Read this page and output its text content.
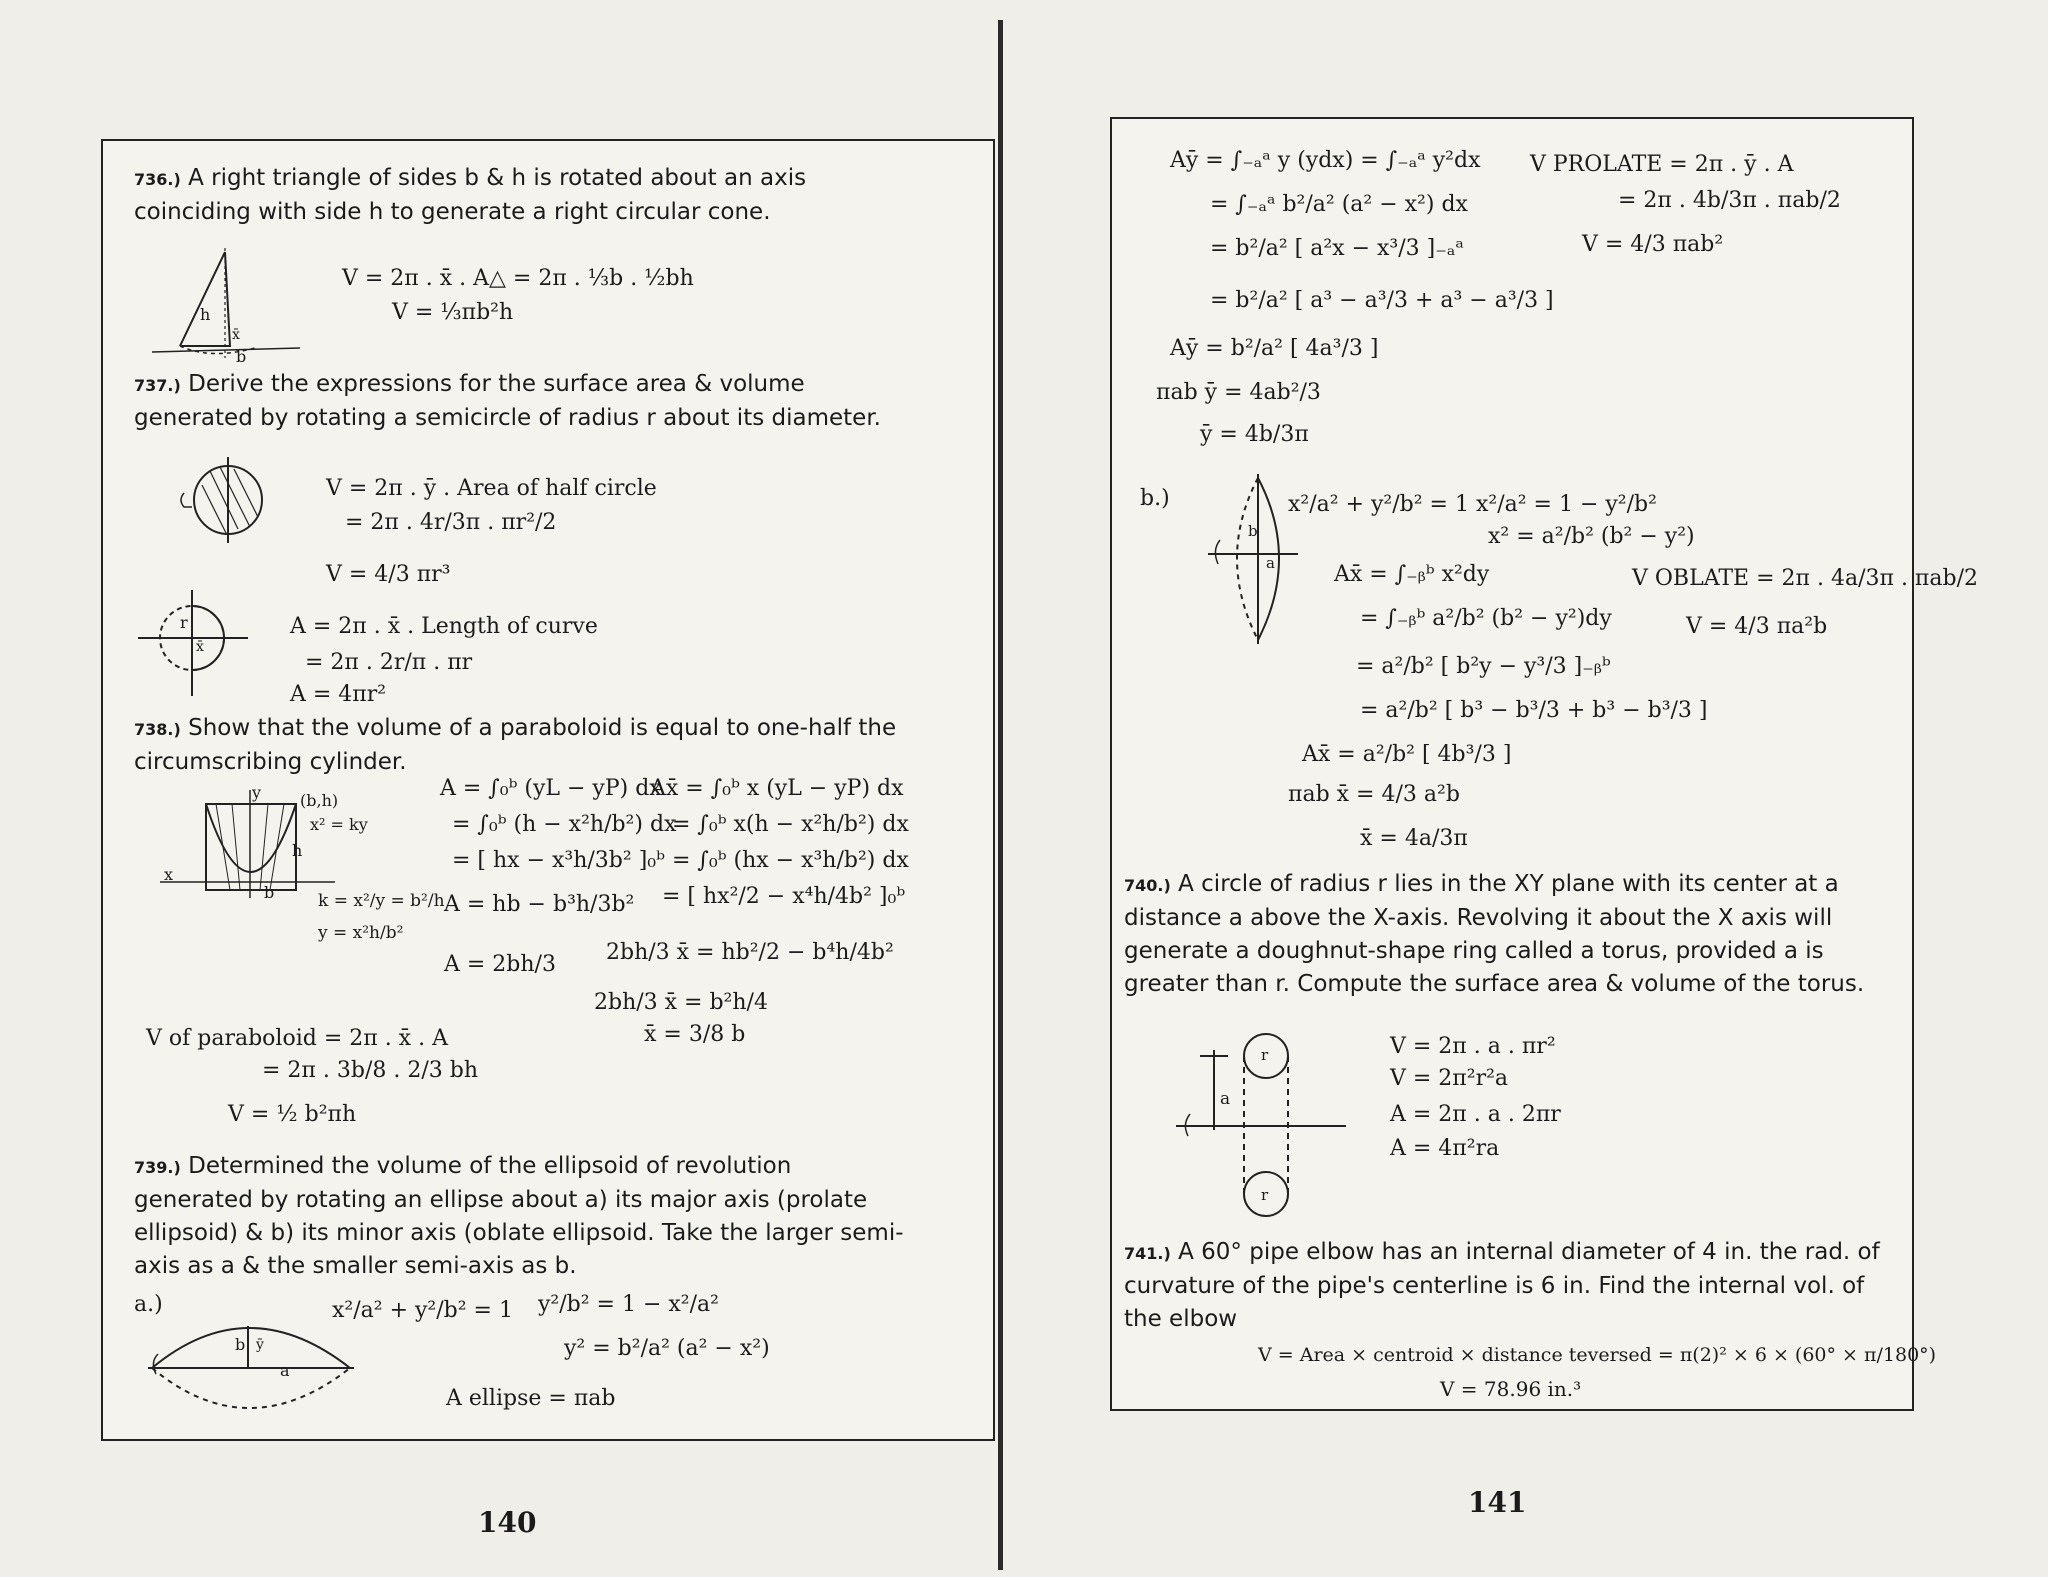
736.) A right triangle of sides b & h is rotated about an axis coinciding with side h to generate a right circular cone.
h
x̄
b
V = 2π . x̄ . A△ = 2π . ⅓b . ½bh
V = ⅓πb²h
737.) Derive the expressions for the surface area & volume generated by rotating a semicircle of radius r about its diameter.
V = 2π . ȳ . Area of half circle
= 2π . 4r/3π . πr²/2
V = 4/3 πr³
r
x̄
A = 2π . x̄ . Length of curve
= 2π . 2r/π . πr
A = 4πr²
738.) Show that the volume of a paraboloid is equal to one-half the circumscribing cylinder.
(b,h)
x² = ky
h
b
x
y
k = x²/y = b²/h
y = x²h/b²
A = ∫₀ᵇ (yL − yP) dx
= ∫₀ᵇ (h − x²h/b²) dx
= [ hx − x³h/3b² ]₀ᵇ
A = hb − b³h/3b²
A = 2bh/3
Ax̄ = ∫₀ᵇ x (yL − yP) dx
= ∫₀ᵇ x(h − x²h/b²) dx
= ∫₀ᵇ (hx − x³h/b²) dx
= [ hx²/2 − x⁴h/4b² ]₀ᵇ
2bh/3 x̄ = hb²/2 − b⁴h/4b²
2bh/3 x̄ = b²h/4
x̄ = 3/8 b
V of paraboloid = 2π . x̄ . A
= 2π . 3b/8 . 2/3 bh
V = ½ b²πh
739.) Determined the volume of the ellipsoid of revolution generated by rotating an ellipse about a) its major axis (prolate ellipsoid) & b) its minor axis (oblate ellipsoid. Take the larger semi-axis as a & the smaller semi-axis as b.
a.)
b ȳ
a
x²/a² + y²/b² = 1 y²/b² = 1 − x²/a²
y² = b²/a² (a² − x²)
A ellipse = πab
140
Aȳ = ∫₋ₐᵃ y (ydx) = ∫₋ₐᵃ y²dx
= ∫₋ₐᵃ b²/a² (a² − x²) dx
= b²/a² [ a²x − x³/3 ]₋ₐᵃ
= b²/a² [ a³ − a³/3 + a³ − a³/3 ]
Aȳ = b²/a² [ 4a³/3 ]
πab ȳ = 4ab²/3
ȳ = 4b/3π
V PROLATE = 2π . ȳ . A
= 2π . 4b/3π . πab/2
V = 4/3 πab²
b.)
b
a
x²/a² + y²/b² = 1 x²/a² = 1 − y²/b²
x² = a²/b² (b² − y²)
Ax̄ = ∫₋ᵦᵇ x²dy
= ∫₋ᵦᵇ a²/b² (b² − y²)dy
= a²/b² [ b²y − y³/3 ]₋ᵦᵇ
= a²/b² [ b³ − b³/3 + b³ − b³/3 ]
Ax̄ = a²/b² [ 4b³/3 ]
πab x̄ = 4/3 a²b
x̄ = 4a/3π
V OBLATE = 2π . 4a/3π . πab/2
V = 4/3 πa²b
740.) A circle of radius r lies in the XY plane with its center at a distance a above the X-axis. Revolving it about the X axis will generate a doughnut-shape ring called a torus, provided a is greater than r. Compute the surface area & volume of the torus.
r
a
r
V = 2π . a . πr²
V = 2π²r²a
A = 2π . a . 2πr
A = 4π²ra
741.) A 60° pipe elbow has an internal diameter of 4 in. the rad. of curvature of the pipe's centerline is 6 in. Find the internal vol. of the elbow
V = Area × centroid × distance teversed = π(2)² × 6 × (60° × π/180°)
V = 78.96 in.³
141
